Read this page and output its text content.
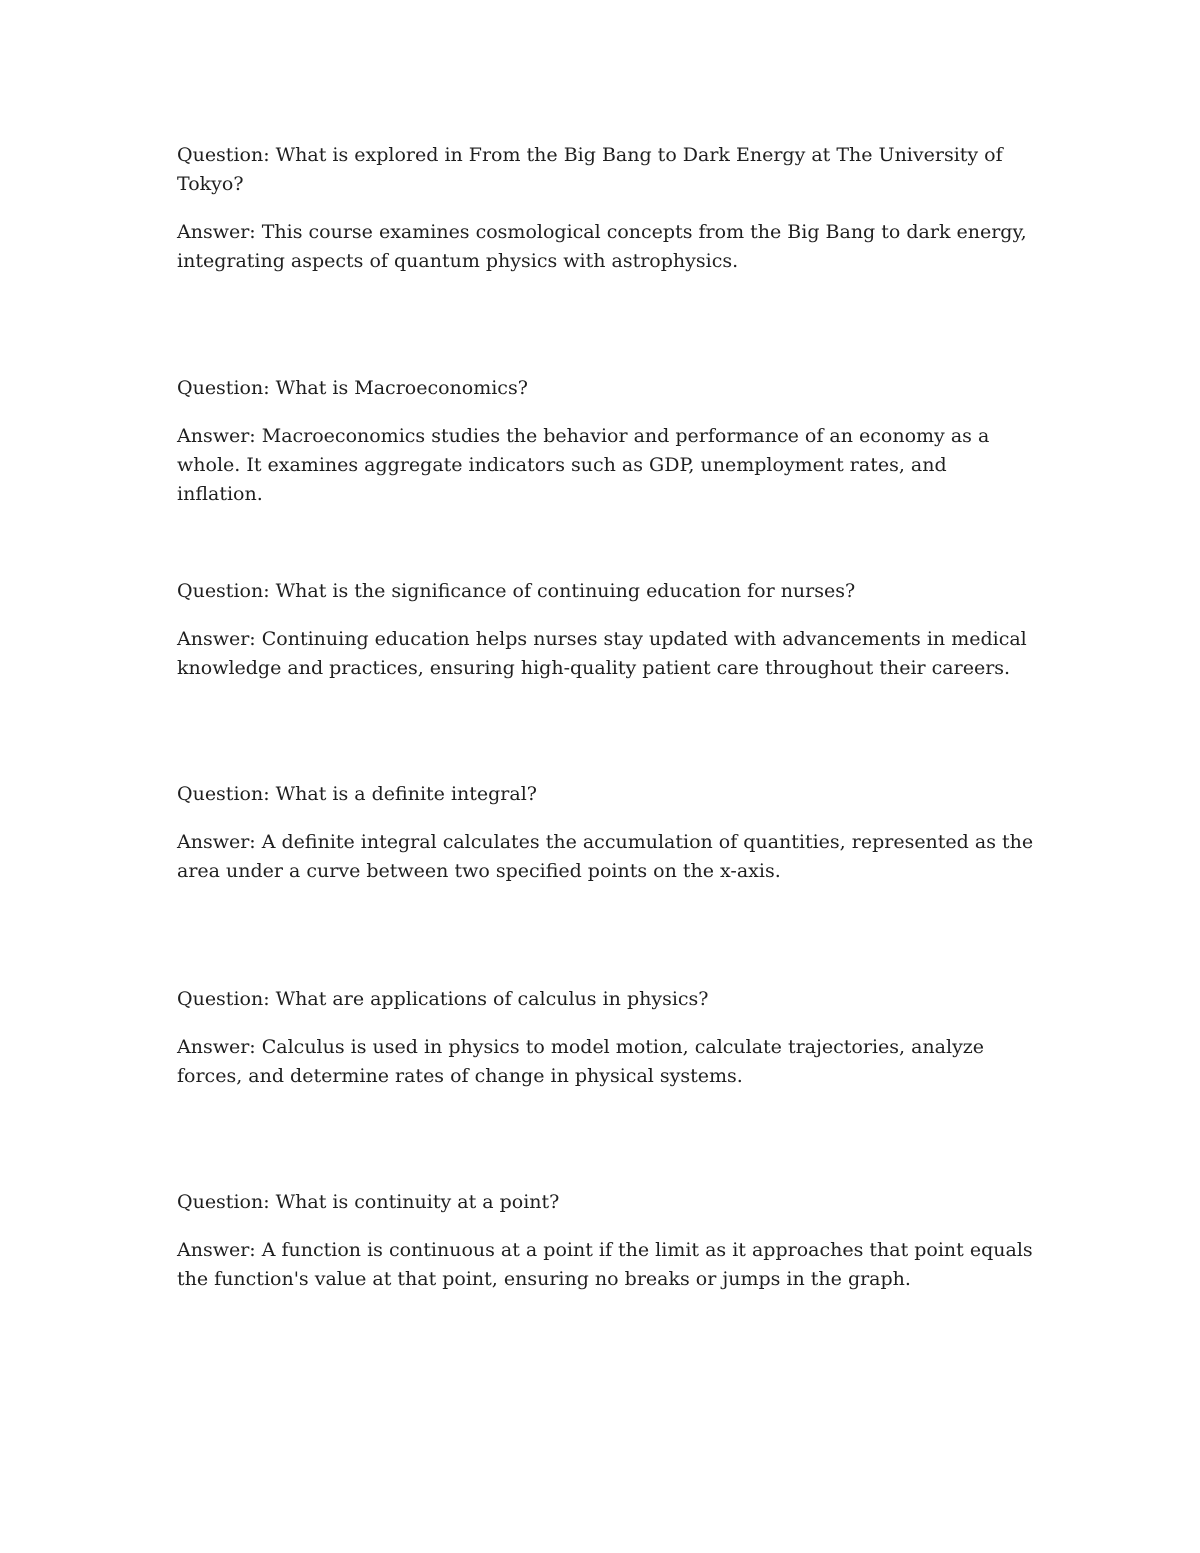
Question: What is explored in From the Big Bang to Dark Energy at The University of Tokyo?

Answer: This course examines cosmological concepts from the Big Bang to dark energy, integrating aspects of quantum physics with astrophysics.

Question: What is Macroeconomics?

Answer: Macroeconomics studies the behavior and performance of an economy as a whole. It examines aggregate indicators such as GDP, unemployment rates, and inflation.

Question: What is the significance of continuing education for nurses?

Answer: Continuing education helps nurses stay updated with advancements in medical knowledge and practices, ensuring high-quality patient care throughout their careers.

Question: What is a definite integral?

Answer: A definite integral calculates the accumulation of quantities, represented as the area under a curve between two specified points on the x-axis.

Question: What are applications of calculus in physics?

Answer: Calculus is used in physics to model motion, calculate trajectories, analyze forces, and determine rates of change in physical systems.

Question: What is continuity at a point?

Answer: A function is continuous at a point if the limit as it approaches that point equals the function's value at that point, ensuring no breaks or jumps in the graph.
